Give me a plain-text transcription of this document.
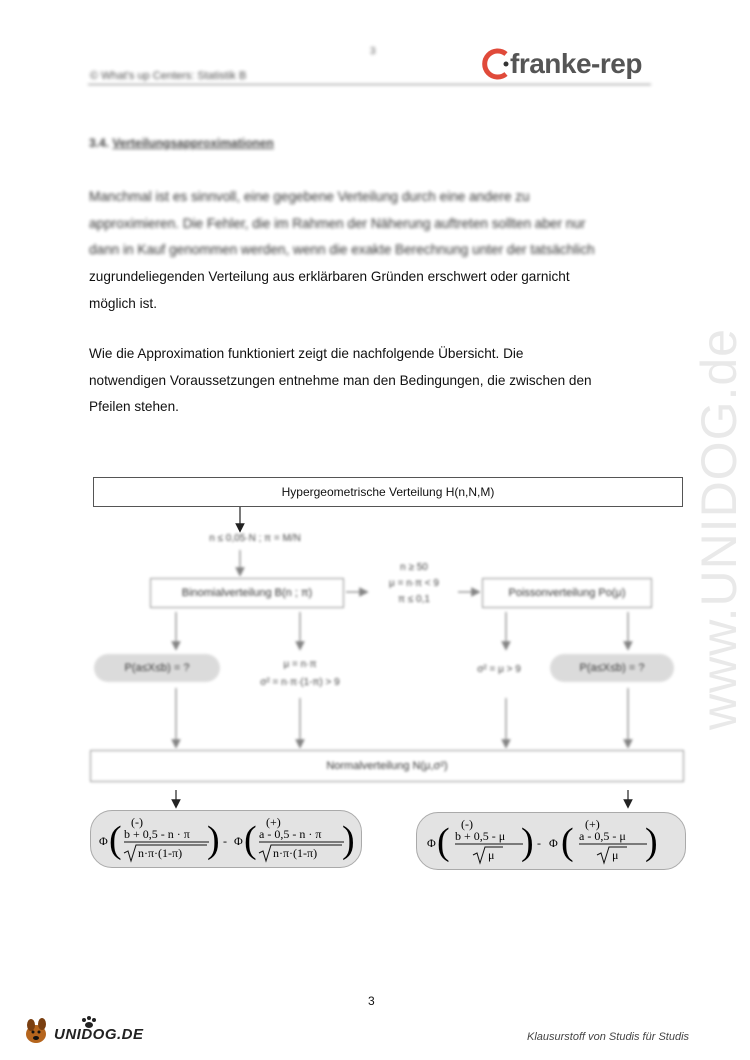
3
© What's up Centers: Statistik B	franke-rep
3.4. Verteilungsapproximationen
www.UNIDOG.de

Manchmal ist es sinnvoll, eine gegebene Verteilung durch eine andere zu

approximieren. Die Fehler, die im Rahmen der Näherung auftreten sollten aber nur

dann in Kauf genommen werden, wenn die exakte Berechnung unter der tatsächlich

zugrundeliegenden Verteilung aus erklärbaren Gründen erschwert oder garnicht

möglich ist.

Wie die Approximation funktioniert zeigt die nachfolgende Übersicht. Die

notwendigen Voraussetzungen entnehme man den Bedingungen, die zwischen den

Pfeilen stehen.

Hypergeometrische Verteilung H(n,N,M)
n ≤ 0,05·N ; π = M/N
Binomialverteilung B(n ; π)
n ≥ 50
μ = n·π < 9
π ≤ 0,1
Poissonverteilung Po(μ)
P(a≤X≤b) = ?	μ = n·π
σ² = n·π·(1-π) > 9
σ² = μ > 9	P(a≤X≤b) = ?
Normalverteilung N(μ,σ²)
Φ ( (-)
b + 0,5 - n · π
n·π·(1-π) ) - Φ ( (+)
a - 0,5 - n · π
n·π·(1-π) )	Φ ( (-)
b + 0,5 - μ
μ ) - Φ ( (+)
a - 0,5 - μ
μ )
3
UNIDOG.DE	Klausurstoff von Studis für Studis
